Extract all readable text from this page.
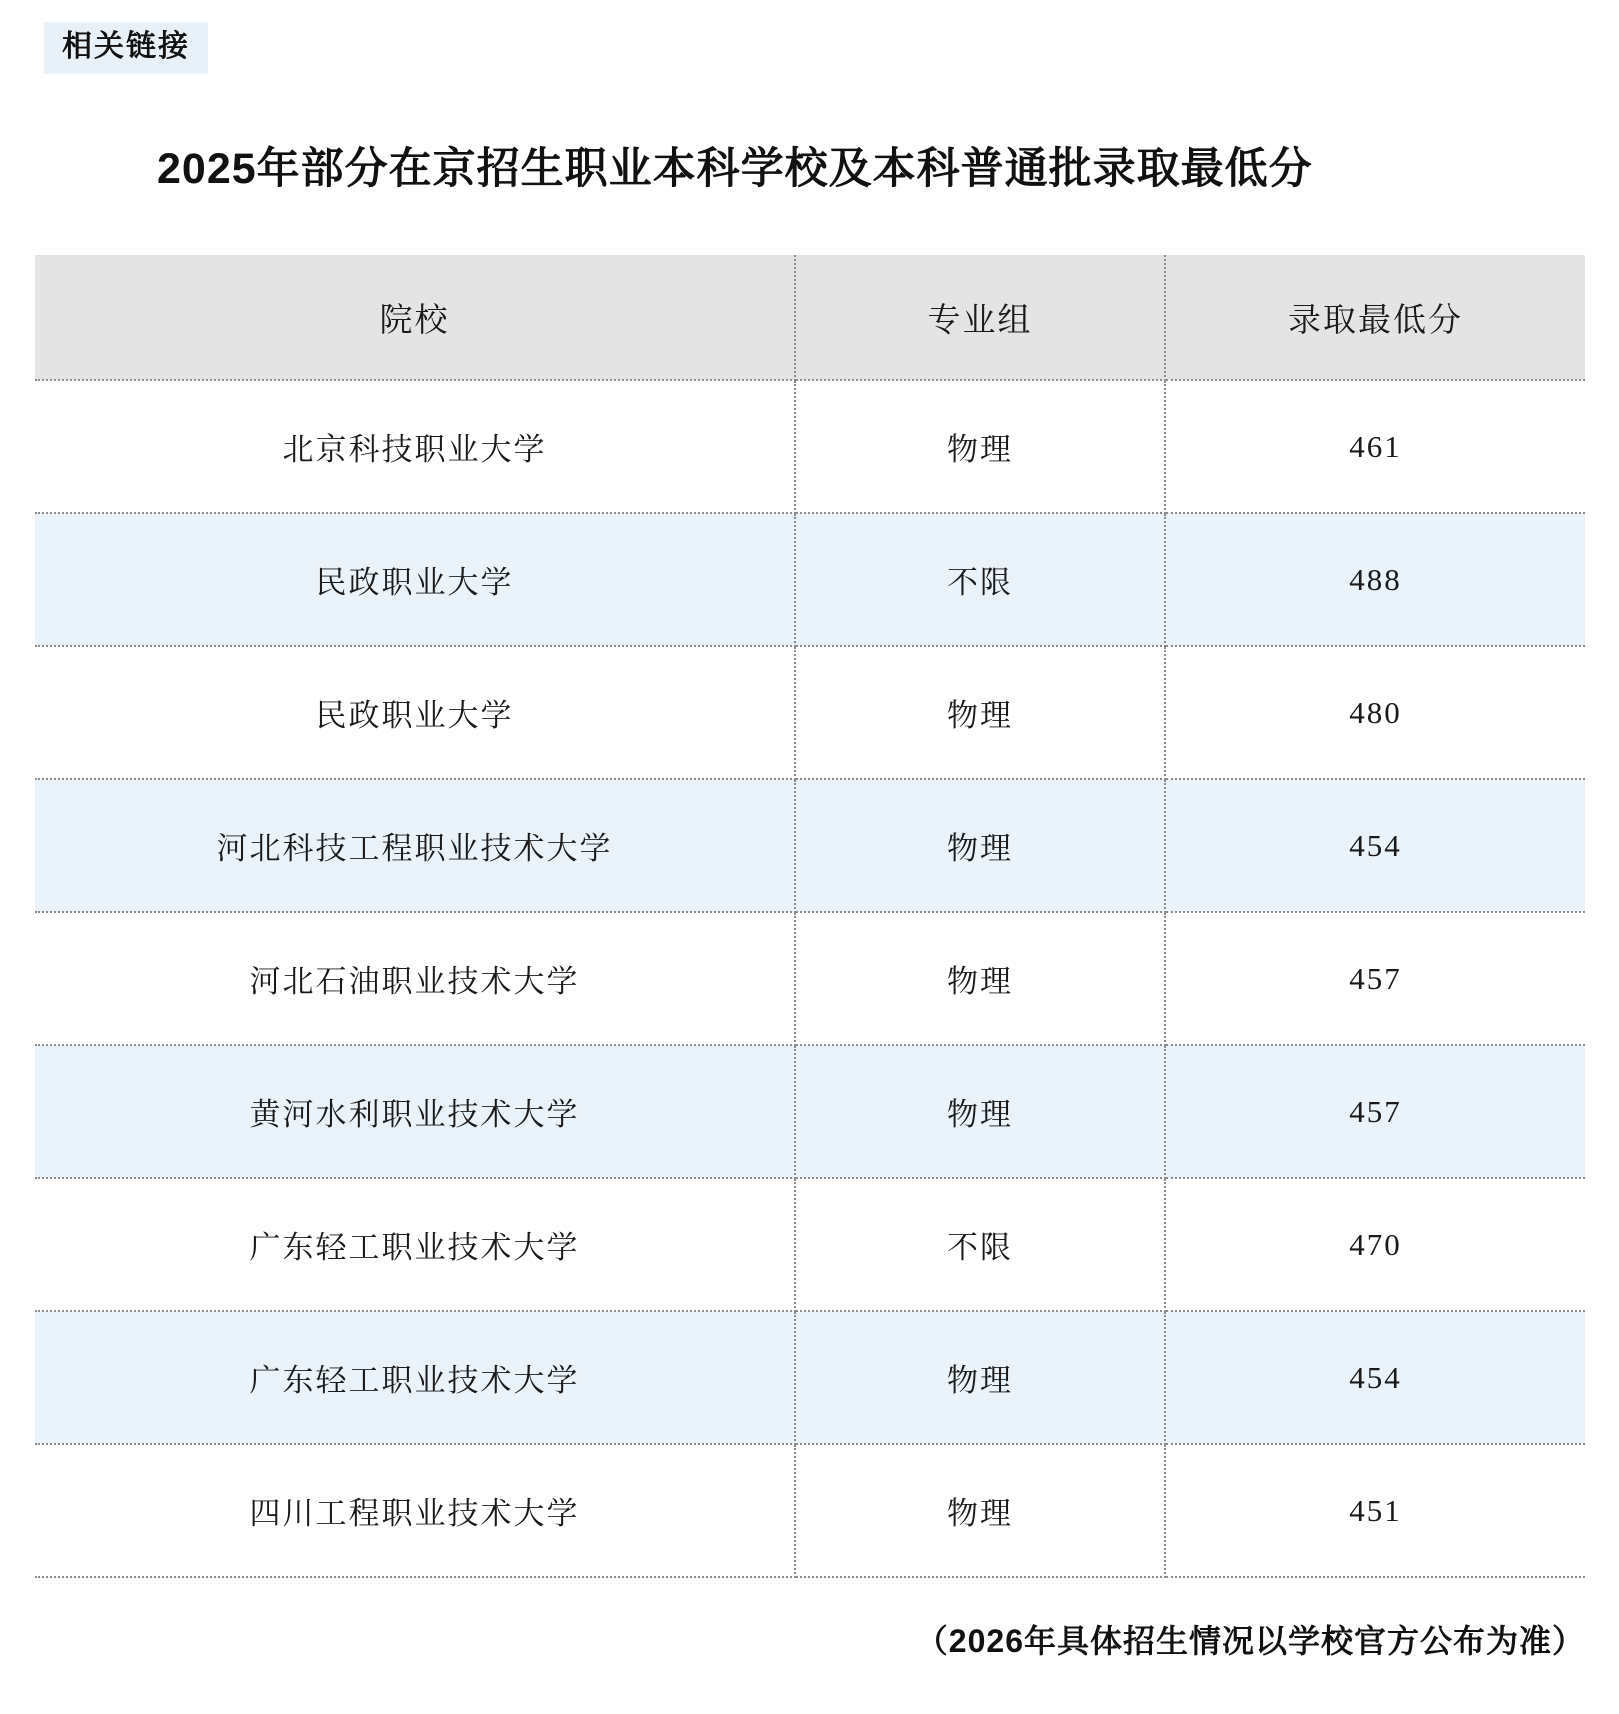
相关链接
2025年部分在京招生职业本科学校及本科普通批录取最低分
院校	专业组	录取最低分
北京科技职业大学	物理	461
民政职业大学	不限	488
民政职业大学	物理	480
河北科技工程职业技术大学	物理	454
河北石油职业技术大学	物理	457
黄河水利职业技术大学	物理	457
广东轻工职业技术大学	不限	470
广东轻工职业技术大学	物理	454
四川工程职业技术大学	物理	451
（2026年具体招生情况以学校官方公布为准）
